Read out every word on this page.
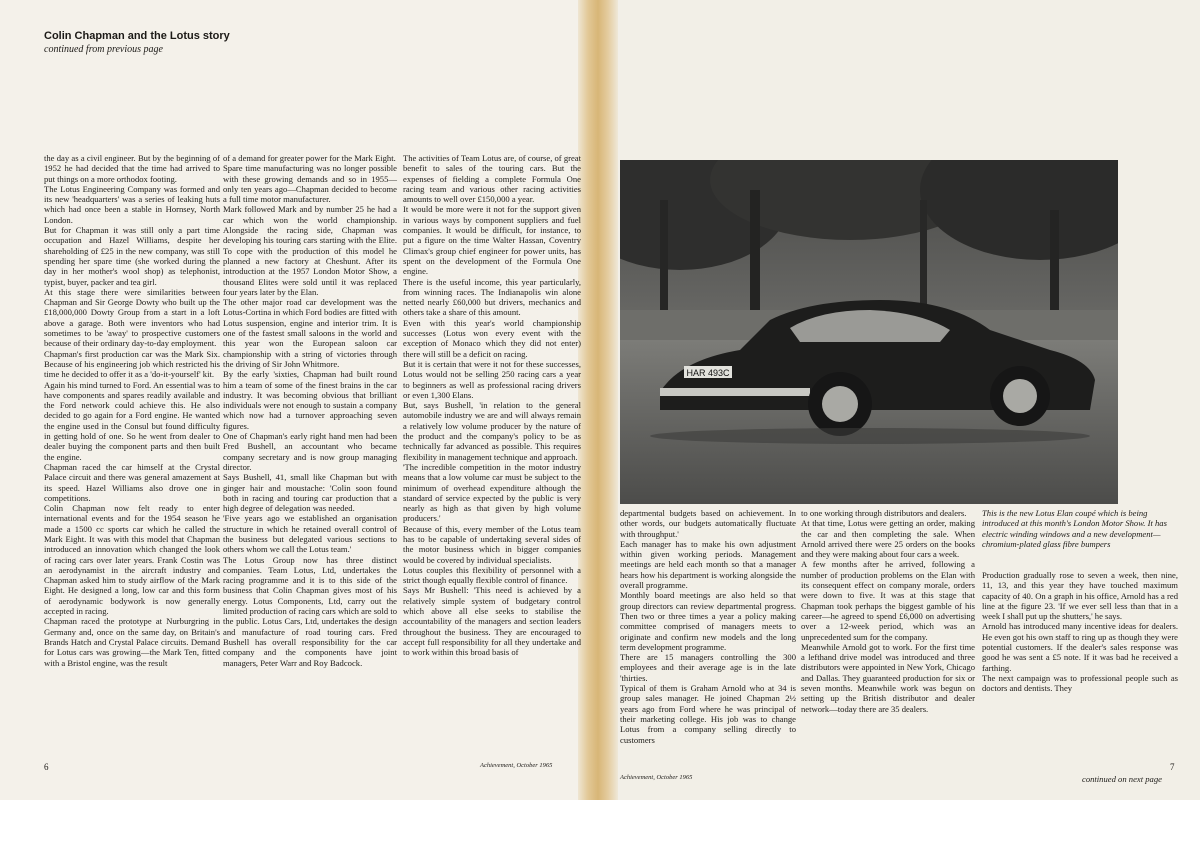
Colin Chapman and the Lotus story
continued from previous page

the day as a civil engineer. But by the beginning of 1952 he had decided that the time had arrived to put things on a more orthodox footing.

The Lotus Engineering Company was formed and its new 'headquarters' was a series of leaking huts which had once been a stable in Hornsey, North London.

But for Chapman it was still only a part time occupation and Hazel Williams, despite her shareholding of £25 in the new company, was still spending her spare time (she worked during the day in her mother's wool shop) as telephonist, typist, buyer, packer and tea girl.

At this stage there were similarities between Chapman and Sir George Dowty who built up the £18,000,000 Dowty Group from a start in a loft above a garage. Both were inventors who had sometimes to be 'away' to prospective customers because of their ordinary day-to-day employment.

Chapman's first production car was the Mark Six. Because of his engineering job which restricted his time he decided to offer it as a 'do-it-yourself' kit.

Again his mind turned to Ford. An essential was to have components and spares readily available and the Ford network could achieve this. He also decided to go again for a Ford engine. He wanted the engine used in the Consul but found difficulty in getting hold of one. So he went from dealer to dealer buying the component parts and then built the engine.

Chapman raced the car himself at the Crystal Palace circuit and there was general amazement at its speed. Hazel Williams also drove one in competitions.

Colin Chapman now felt ready to enter international events and for the 1954 season he made a 1500 cc sports car which he called the Mark Eight. It was with this model that Chapman introduced an innovation which changed the look of racing cars over later years. Frank Costin was an aerodynamist in the aircraft industry and Chapman asked him to study airflow of the Mark Eight. He designed a long, low car and this form of aerodynamic bodywork is now generally accepted in racing.

Chapman raced the prototype at Nurburgring in Germany and, once on the same day, on Britain's Brands Hatch and Crystal Palace circuits. Demand for Lotus cars was growing—the Mark Ten, fitted with a Bristol engine, was the result

of a demand for greater power for the Mark Eight.

Spare time manufacturing was no longer possible with these growing demands and so in 1955—only ten years ago—Chapman decided to become a full time motor manufacturer.

Mark followed Mark and by number 25 he had a car which won the world championship. Alongside the racing side, Chapman was developing his touring cars starting with the Elite. To cope with the production of this model he planned a new factory at Cheshunt. After its introduction at the 1957 London Motor Show, a thousand Elites were sold until it was replaced four years later by the Elan.

The other major road car development was the Lotus-Cortina in which Ford bodies are fitted with Lotus suspension, engine and interior trim. It is one of the fastest small saloons in the world and this year won the European saloon car championship with a string of victories through the driving of Sir John Whitmore.

By the early 'sixties, Chapman had built round him a team of some of the finest brains in the car industry. It was becoming obvious that brilliant individuals were not enough to sustain a company which now had a turnover approaching seven figures.

One of Chapman's early right hand men had been Fred Bushell, an accountant who became company secretary and is now group managing director.

Says Bushell, 41, small like Chapman but with ginger hair and moustache: 'Colin soon found both in racing and touring car production that a high degree of delegation was needed.

'Five years ago we established an organisation structure in which he retained overall control of the business but delegated various sections to others whom we call the Lotus team.'

The Lotus Group now has three distinct companies. Team Lotus, Ltd, undertakes the racing programme and it is to this side of the business that Colin Chapman gives most of his energy. Lotus Components, Ltd, carry out the limited production of racing cars which are sold to the public. Lotus Cars, Ltd, undertakes the design and manufacture of road touring cars. Fred Bushell has overall responsibility for the car company and the components have joint managers, Peter Warr and Roy Badcock.

The activities of Team Lotus are, of course, of great benefit to sales of the touring cars. But the expenses of fielding a complete Formula One racing team and various other racing activities amounts to well over £150,000 a year.

It would be more were it not for the support given in various ways by component suppliers and fuel companies. It would be difficult, for instance, to put a figure on the time Walter Hassan, Coventry Climax's group chief engineer for power units, has spent on the development of the Formula One engine.

There is the useful income, this year particularly, from winning races. The Indianapolis win alone netted nearly £60,000 but drivers, mechanics and others take a share of this amount.

Even with this year's world championship successes (Lotus won every event with the exception of Monaco which they did not enter) there will still be a deficit on racing.

But it is certain that were it not for these successes, Lotus would not be selling 250 racing cars a year to beginners as well as professional racing drivers or even 1,300 Elans.

But, says Bushell, 'in relation to the general automobile industry we are and will always remain a relatively low volume producer by the nature of the product and the company's policy to be as technically far advanced as possible. This requires flexibility in management technique and approach.

'The incredible competition in the motor industry means that a low volume car must be subject to the minimum of overhead expenditure although the standard of service expected by the public is very nearly as high as that given by high volume producers.'

Because of this, every member of the Lotus team has to be capable of undertaking several sides of the motor business which in bigger companies would be covered by individual specialists.

Lotus couples this flexibility of personnel with a strict though equally flexible control of finance.

Says Mr Bushell: 'This need is achieved by a relatively simple system of budgetary control which above all else seeks to stabilise the accountability of the managers and section leaders throughout the business. They are encouraged to accept full responsibility for all they undertake and to work within this broad basis of

6	Achievement, October 1965
HAR 493C

departmental budgets based on achievement. In other words, our budgets automatically fluctuate with throughput.'

Each manager has to make his own adjustment within given working periods. Management meetings are held each month so that a manager hears how his department is working alongside the overall programme.

Monthly board meetings are also held so that group directors can review departmental progress. Then two or three times a year a policy making committee comprised of managers meets to originate and confirm new models and the long term development programme.

There are 15 managers controlling the 300 employees and their average age is in the late 'thirties.

Typical of them is Graham Arnold who at 34 is group sales manager. He joined Chapman 2½ years ago from Ford where he was principal of their marketing college. His job was to change Lotus from a company selling directly to customers

to one working through distributors and dealers.

At that time, Lotus were getting an order, making the car and then completing the sale. When Arnold arrived there were 25 orders on the books and they were making about four cars a week.

A few months after he arrived, following a number of production problems on the Elan with its consequent effect on company morale, orders were down to five. It was at this stage that Chapman took perhaps the biggest gamble of his career—he agreed to spend £6,000 on advertising over a 12-week period, which was an unprecedented sum for the company.

Meanwhile Arnold got to work. For the first time a lefthand drive model was introduced and three distributors were appointed in New York, Chicago and Dallas. They guaranteed production for six or seven months. Meanwhile work was begun on setting up the British distributor and dealer network—today there are 35 dealers.

This is the new Lotus Elan coupé which is being introduced at this month's London Motor Show. It has electric winding windows and a new development—chromium-plated glass fibre bumpers

Production gradually rose to seven a week, then nine, 11, 13, and this year they have touched maximum capacity of 40. On a graph in his office, Arnold has a red line at the figure 23. 'If we ever sell less than that in a week I shall put up the shutters,' he says.

Arnold has introduced many incentive ideas for dealers. He even got his own staff to ring up as though they were potential customers. If the dealer's sales response was good he was sent a £5 note. If it was bad he received a farthing.

The next campaign was to professional people such as doctors and dentists. They

Achievement, October 1965	continued on next page
7
